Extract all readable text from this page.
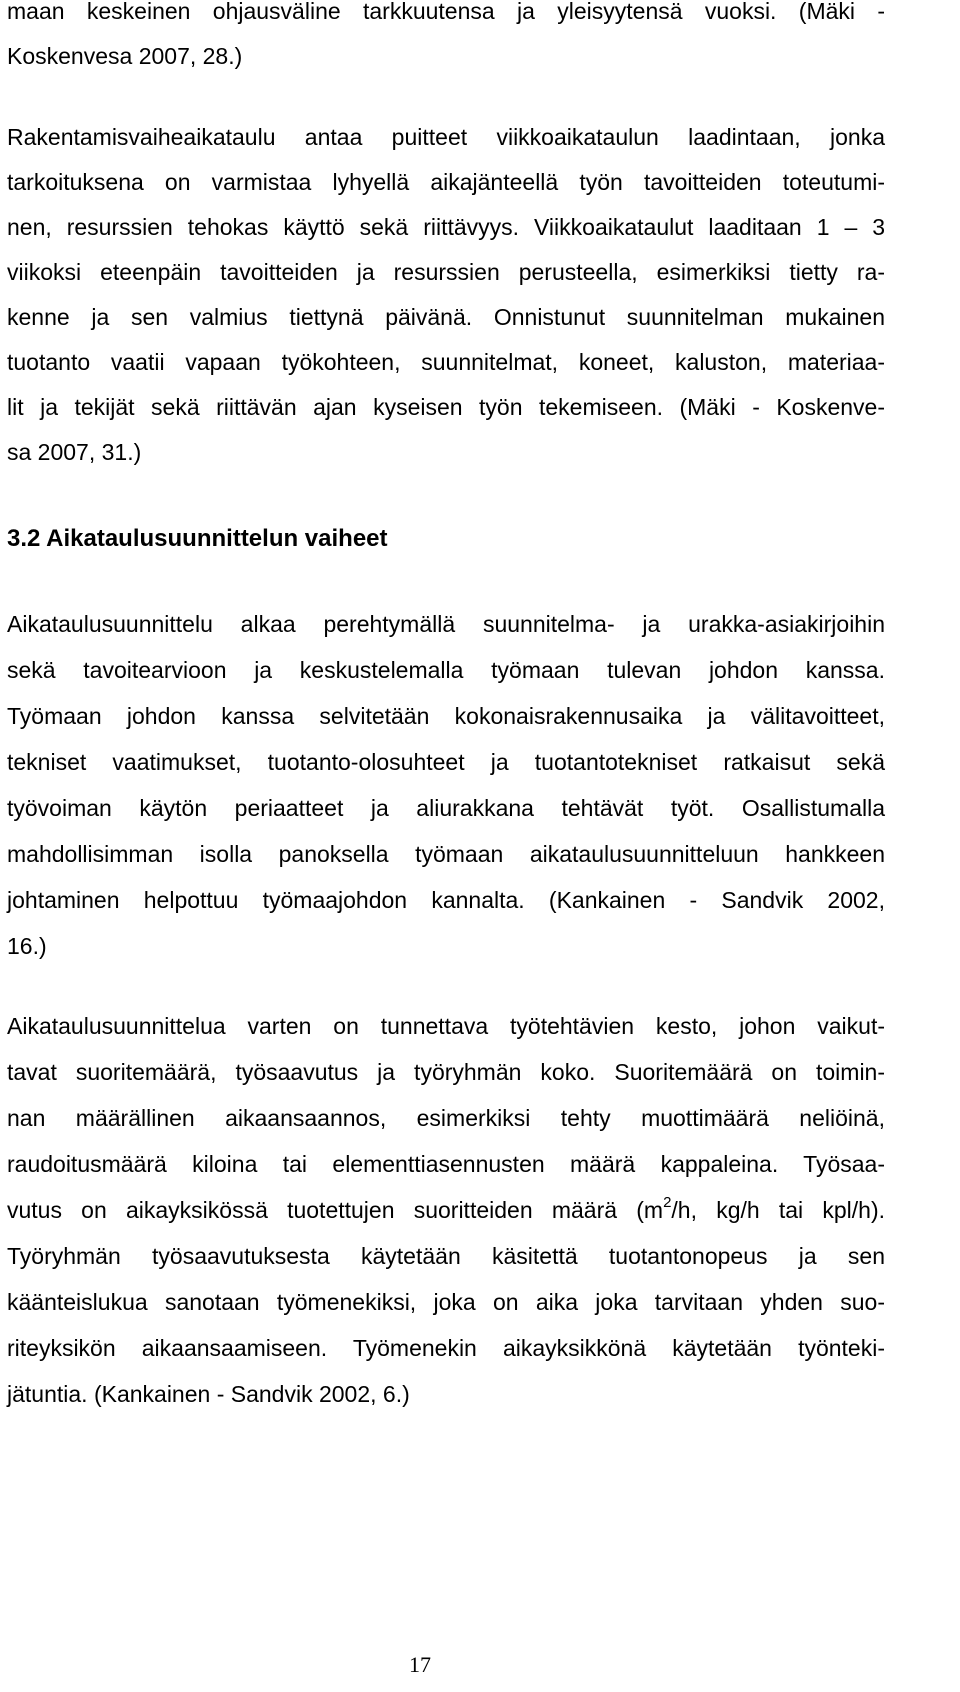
maan keskeinen ohjausväline tarkkuutensa ja yleisyytensä vuoksi. (Mäki -
Koskenvesa 2007, 28.)
Rakentamisvaiheaikataulu antaa puitteet viikkoaikataulun laadintaan, jonka
tarkoituksena on varmistaa lyhyellä aikajänteellä työn tavoitteiden toteutumi-
nen, resurssien tehokas käyttö sekä riittävyys. Viikkoaikataulut laaditaan 1 – 3
viikoksi eteenpäin tavoitteiden ja resurssien perusteella, esimerkiksi tietty ra-
kenne ja sen valmius tiettynä päivänä. Onnistunut suunnitelman mukainen
tuotanto vaatii vapaan työkohteen, suunnitelmat, koneet, kaluston, materiaa-
lit ja tekijät sekä riittävän ajan kyseisen työn tekemiseen. (Mäki - Koskenve-
sa 2007, 31.)
3.2 Aikataulusuunnittelun vaiheet
Aikataulusuunnittelu alkaa perehtymällä suunnitelma- ja urakka-asiakirjoihin
sekä tavoitearvioon ja keskustelemalla työmaan tulevan johdon kanssa.
Työmaan johdon kanssa selvitetään kokonaisrakennusaika ja välitavoitteet,
tekniset vaatimukset, tuotanto-olosuhteet ja tuotantotekniset ratkaisut sekä
työvoiman käytön periaatteet ja aliurakkana tehtävät työt. Osallistumalla
mahdollisimman isolla panoksella työmaan aikataulusuunnitteluun hankkeen
johtaminen helpottuu työmaajohdon kannalta. (Kankainen - Sandvik 2002,
16.)
Aikataulusuunnittelua varten on tunnettava työtehtävien kesto, johon vaikut-
tavat suoritemäärä, työsaavutus ja työryhmän koko. Suoritemäärä on toimin-
nan määrällinen aikaansaannos, esimerkiksi tehty muottimäärä neliöinä,
raudoitusmäärä kiloina tai elementtiasennusten määrä kappaleina. Työsaa-
vutus on aikayksikössä tuotettujen suoritteiden määrä ($m^2/h$, kg/h tai kpl/h).
Työryhmän työsaavutuksesta käytetään käsitettä tuotantonopeus ja sen
käänteislukua sanotaan työmenekiksi, joka on aika joka tarvitaan yhden suo-
riteyksikön aikaansaamiseen. Työmenekin aikayksikkönä käytetään työnteki-
jätuntia. (Kankainen - Sandvik 2002, 6.)
17
